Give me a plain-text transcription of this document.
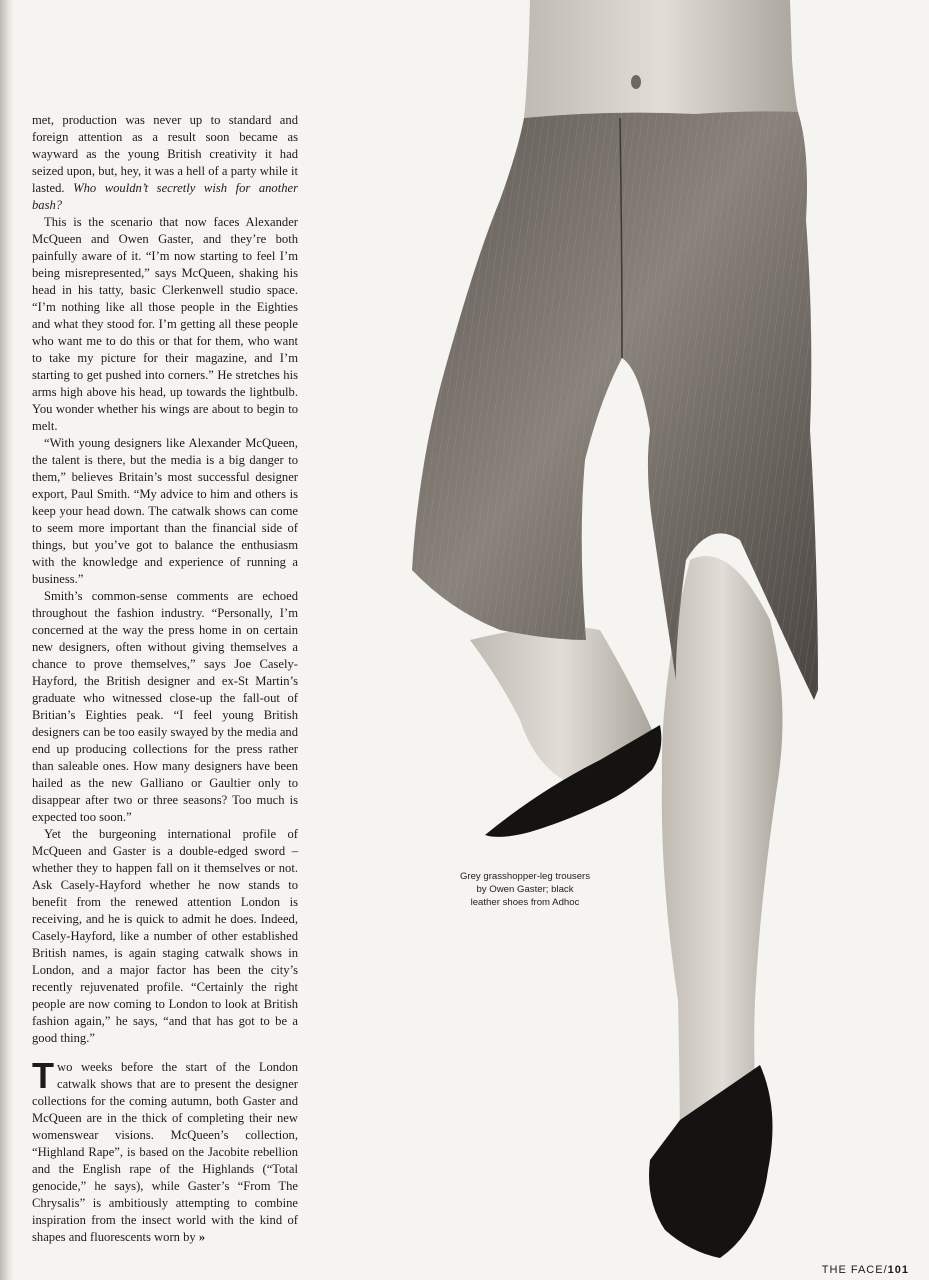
met, production was never up to standard and foreign attention as a result soon became as wayward as the young British creativity it had seized upon, but, hey, it was a hell of a party while it lasted. Who wouldn’t secretly wish for another bash?

This is the scenario that now faces Alexander McQueen and Owen Gaster, and they’re both painfully aware of it. “I’m now starting to feel I’m being misrepresented,” says McQueen, shaking his head in his tatty, basic Clerkenwell studio space. “I’m nothing like all those people in the Eighties and what they stood for. I’m getting all these people who want me to do this or that for them, who want to take my picture for their magazine, and I’m starting to get pushed into corners.” He stretches his arms high above his head, up towards the lightbulb. You wonder whether his wings are about to begin to melt.

“With young designers like Alexander McQueen, the talent is there, but the media is a big danger to them,” believes Britain’s most successful designer export, Paul Smith. “My advice to him and others is keep your head down. The catwalk shows can come to seem more important than the financial side of things, but you’ve got to balance the enthusiasm with the knowledge and experience of running a business.”

Smith’s common-sense comments are echoed throughout the fashion industry. “Personally, I’m concerned at the way the press home in on certain new designers, often without giving themselves a chance to prove themselves,” says Joe Casely-Hayford, the British designer and ex-St Martin’s graduate who witnessed close-up the fall-out of Britian’s Eighties peak. “I feel young British designers can be too easily swayed by the media and end up producing collections for the press rather than saleable ones. How many designers have been hailed as the new Galliano or Gaultier only to disappear after two or three seasons? Too much is expected too soon.”

Yet the burgeoning international profile of McQueen and Gaster is a double-edged sword – whether they to happen fall on it themselves or not. Ask Casely-Hayford whether he now stands to benefit from the renewed attention London is receiving, and he is quick to admit he does. Indeed, Casely-Hayford, like a number of other established British names, is again staging catwalk shows in London, and a major factor has been the city’s recently rejuvenated profile. “Certainly the right people are now coming to London to look at British fashion again,” he says, “and that has got to be a good thing.”

Two weeks before the start of the London catwalk shows that are to present the designer collections for the coming autumn, both Gaster and McQueen are in the thick of completing their new womenswear visions. McQueen’s collection, “Highland Rape”, is based on the Jacobite rebellion and the English rape of the Highlands (“Total genocide,” he says), while Gaster’s “From The Chrysalis” is ambitiously attempting to combine inspiration from the insect world with the kind of shapes and fluorescents worn by »

Grey grasshopper-leg trousers
by Owen Gaster; black
leather shoes from Adhoc
THE FACE/101
